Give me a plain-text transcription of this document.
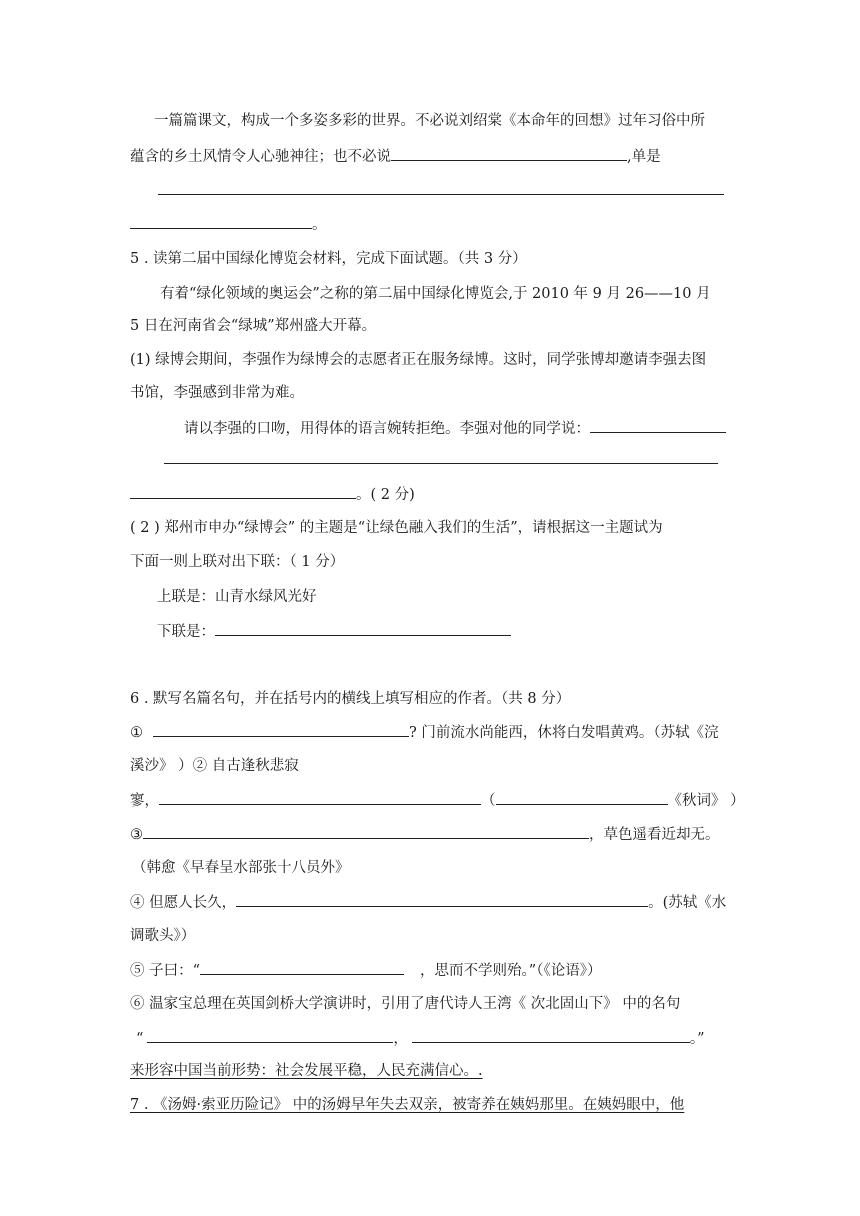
一篇篇课文，构成一个多姿多彩的世界。不必说刘绍棠《本命年的回想》过年习俗中所
蕴含的乡土风情令人心驰神往；也不必说	,单是
。
5 . 读第二届中国绿化博览会材料，完成下面试题。（共 3 分）
有着“绿化领域的奥运会”之称的第二届中国绿化博览会,于 2010 年 9 月 26——10 月
5 日在河南省会“绿城”郑州盛大开幕。
(1) 绿博会期间，李强作为绿博会的志愿者正在服务绿博。这时，同学张博却邀请李强去图
书馆，李强感到非常为难。
请以李强的口吻，用得体的语言婉转拒绝。李强对他的同学说：
。( 2 分)
( 2 ) 郑州市申办“绿博会” 的主题是“让绿色融入我们的生活”，请根据这一主题试为
下面一则上联对出下联：（ 1 分）
上联是：山青水绿风光好
下联是：
6 . 默写名篇名句，并在括号内的横线上填写相应的作者。（共 8 分）
①	? 门前流水尚能西，休将白发唱黄鸡。（苏轼《浣
溪沙》 ）② 自古逢秋悲寂
寥，	（	《秋词》 ）
③	，草色遥看近却无。
（韩愈《早春呈水部张十八员外》
④ 但愿人长久，	。(苏轼《水
调歌头》）
⑤ 子曰：“	，思而不学则殆。”（《论语》）
⑥ 温家宝总理在英国剑桥大学演讲时，引用了唐代诗人王湾《 次北固山下》 中的名句
“	，	。”
来形容中国当前形势：社会发展平稳，人民充满信心。.
7 . 《汤姆·索亚历险记》 中的汤姆早年失去双亲，被寄养在姨妈那里。在姨妈眼中，他
